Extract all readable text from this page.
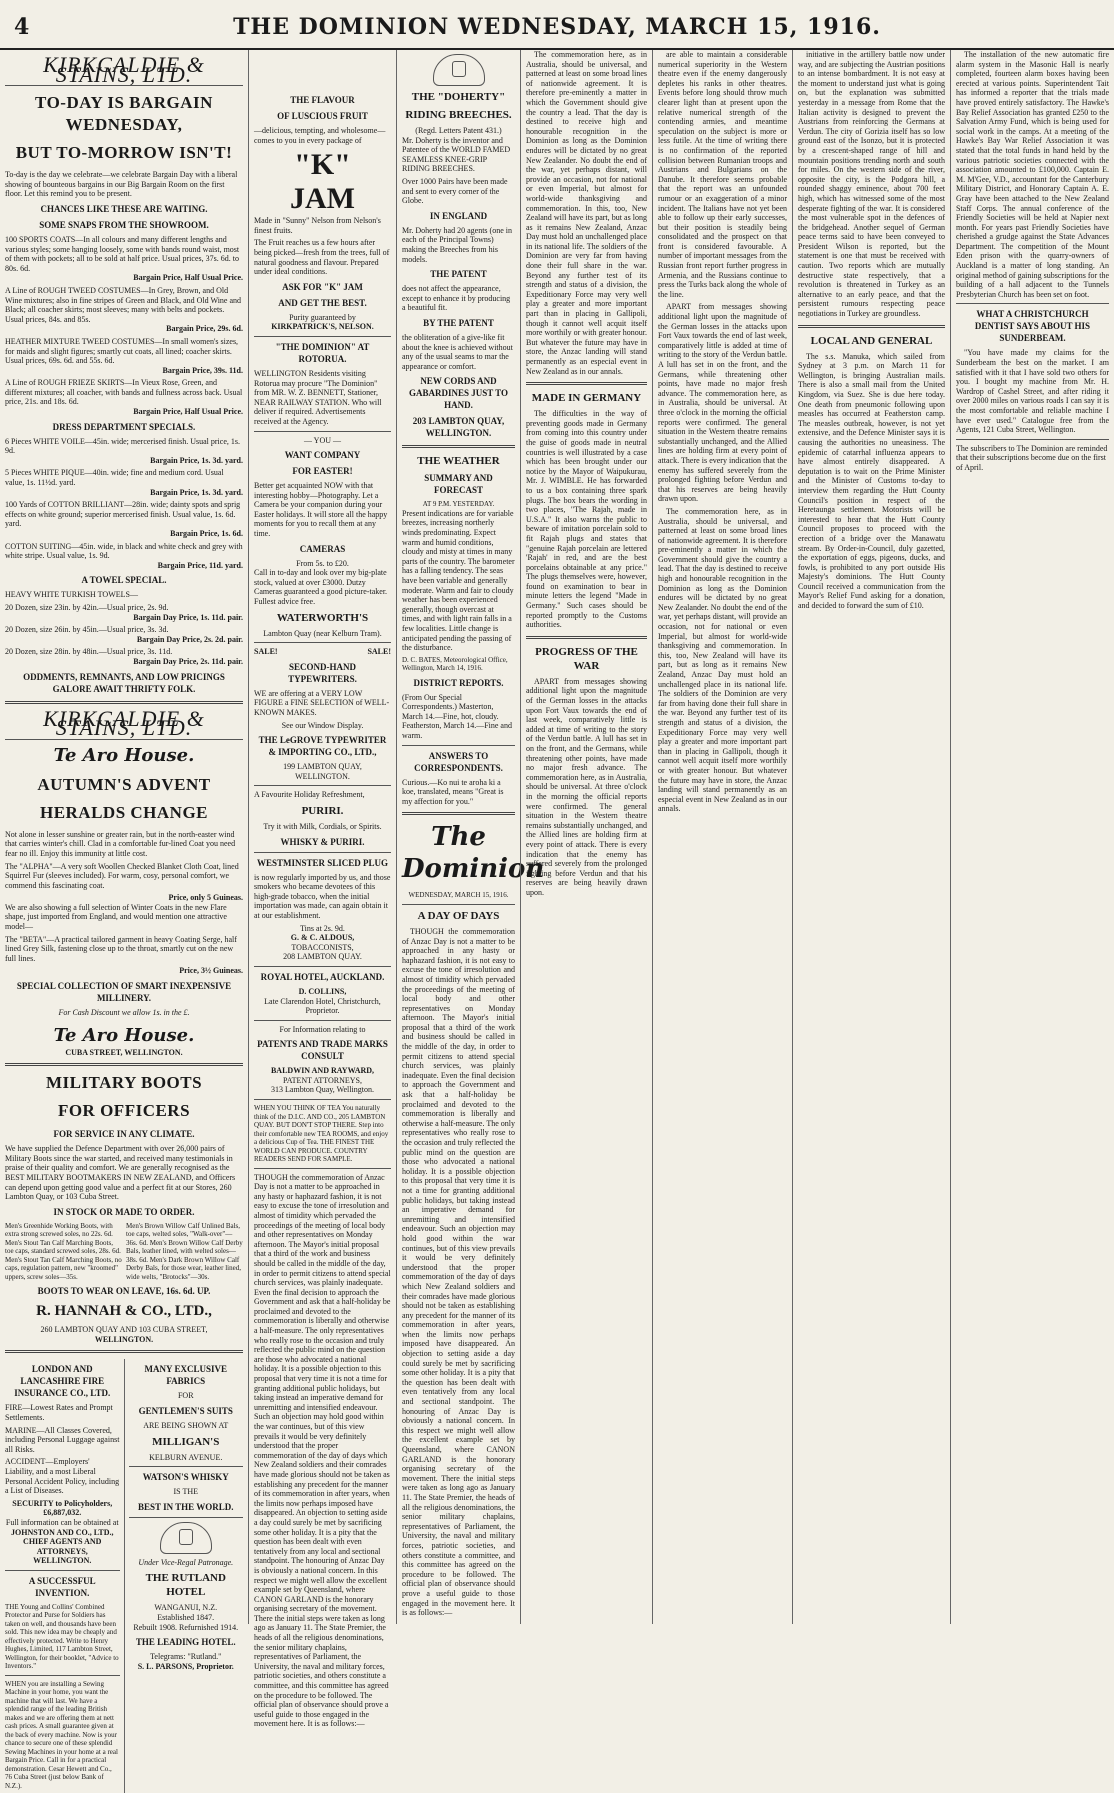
4	THE DOMINION WEDNESDAY, MARCH 15, 1916.
KIRKCALDIE & STAINS, LTD.
TO-DAY IS BARGAIN WEDNESDAY,
BUT TO-MORROW ISN'T!
To-day is the day we celebrate—we celebrate Bargain Day with a liberal showing of bounteous bargains in our Big Bargain Room on the first floor. Let this remind you to be present.
CHANCES LIKE THESE ARE WAITING.
SOME SNAPS FROM THE SHOWROOM.
100 SPORTS COATS—In all colours and many different lengths and various styles; some hanging loosely, some with bands round waist, most of them with pockets; all to be sold at half price. Usual prices, 37s. 6d. to 80s. 6d.
Bargain Price, Half Usual Price.
A Line of ROUGH TWEED COSTUMES—In Grey, Brown, and Old Wine mixtures; also in fine stripes of Green and Black, and Old Wine and Black; all coacher skirts; most sleeves; many with belts and pockets. Usual prices, 84s. and 85s.
Bargain Price, 29s. 6d.
HEATHER MIXTURE TWEED COSTUMES—In small women's sizes, for maids and slight figures; smartly cut coats, all lined; coacher skirts. Usual prices, 69s. 6d. and 55s. 6d.
Bargain Price, 39s. 11d.
A Line of ROUGH FRIEZE SKIRTS—In Vieux Rose, Green, and different mixtures; all coacher, with bands and fullness across back. Usual price, 21s. and 18s. 6d.
Bargain Price, Half Usual Price.
DRESS DEPARTMENT SPECIALS.
6 Pieces WHITE VOILE—45in. wide; mercerised finish. Usual price, 1s. 9d.
Bargain Price, 1s. 3d. yard.
5 Pieces WHITE PIQUE—40in. wide; fine and medium cord. Usual value, 1s. 11½d. yard.
Bargain Price, 1s. 3d. yard.
100 Yards of COTTON BRILLIANT—28in. wide; dainty spots and sprig effects on white ground; superior mercerised finish. Usual value, 1s. 6d. yard.
Bargain Price, 1s. 6d.
COTTON SUITING—45in. wide, in black and white check and grey with white stripe. Usual value, 1s. 9d.
Bargain Price, 11d. yard.
A TOWEL SPECIAL.
HEAVY WHITE TURKISH TOWELS—
20 Dozen, size 23in. by 42in.—Usual price, 2s. 9d.
Bargain Day Price, 1s. 11d. pair.
20 Dozen, size 26in. by 45in.—Usual price, 3s. 3d.
Bargain Day Price, 2s. 2d. pair.
20 Dozen, size 28in. by 48in.—Usual price, 3s. 11d.
Bargain Day Price, 2s. 11d. pair.
ODDMENTS, REMNANTS, AND LOW PRICINGS GALORE AWAIT THRIFTY FOLK.
KIRKCALDIE & STAINS, LTD.
Te Aro House.
AUTUMN'S ADVENT
HERALDS CHANGE
Not alone in lesser sunshine or greater rain, but in the north-easter wind that carries winter's chill. Clad in a comfortable fur-lined Coat you need fear no ill. Enjoy this immunity at little cost.
The "ALPHA"—A very soft Woollen Checked Blanket Cloth Coat, lined Squirrel Fur (sleeves included). For warm, cosy, personal comfort, we commend this fascinating coat.
Price, only 5 Guineas.
We are also showing a full selection of Winter Coats in the new Flare shape, just imported from England, and would mention one attractive model—
The "BETA"—A practical tailored garment in heavy Coating Serge, half lined Grey Silk, fastening close up to the throat, smartly cut on the new full lines.
Price, 3½ Guineas.
SPECIAL COLLECTION OF SMART INEXPENSIVE MILLINERY.
For Cash Discount we allow 1s. in the £.
Te Aro House.
CUBA STREET, WELLINGTON.
MILITARY BOOTS
FOR OFFICERS
FOR SERVICE IN ANY CLIMATE.
We have supplied the Defence Department with over 26,000 pairs of Military Boots since the war started, and received many testimonials in praise of their quality and comfort. We are generally recognised as the BEST MILITARY BOOTMAKERS IN NEW ZEALAND, and Officers can depend upon getting good value and a perfect fit at our Stores, 260 Lambton Quay, or 103 Cuba Street.
IN STOCK OR MADE TO ORDER.
Men's Greenhide Working Boots, with extra strong screwed soles, no 22s. 6d. Men's Stout Tan Calf Marching Boots, toe caps, standard screwed soles, 28s. 6d. Men's Stout Tan Calf Marching Boots, no caps, regulation pattern, new "kroomed" uppers, screw soles—35s.
Men's Brown Willow Calf Unlined Bals, toe caps, welted soles, "Walk-over"—36s. 6d. Men's Brown Willow Calf Derby Bals, leather lined, with welted soles—38s. 6d. Men's Dark Brown Willow Calf Derby Bals, for those wear, leather lined, wide welts, "Brotocks"—30s.
BOOTS TO WEAR ON LEAVE, 16s. 6d. UP.
R. HANNAH & CO., LTD.,
260 LAMBTON QUAY AND 103 CUBA STREET,
WELLINGTON.
LONDON AND LANCASHIRE FIRE INSURANCE CO., LTD.
FIRE—Lowest Rates and Prompt Settlements.
MARINE—All Classes Covered, including Personal Luggage against all Risks.
ACCIDENT—Employers' Liability, and a most Liberal Personal Accident Policy, including a List of Diseases.
SECURITY to Policyholders, £6,887,032.
Full information can be obtained at
JOHNSTON AND CO., LTD.,
CHIEF AGENTS AND ATTORNEYS,
WELLINGTON.
A SUCCESSFUL INVENTION.
THE Young and Collins' Combined Protector and Purse for Soldiers has taken on well, and thousands have been sold. This new idea may be cheaply and effectively protected. Write to Henry Hughes, Limited, 117 Lambton Street, Wellington, for their booklet, "Advice to Inventors."
WHEN you are installing a Sewing Machine in your home, you want the machine that will last. We have a splendid range of the leading British makes and we are offering them at nett cash prices. A small guarantee given at the back of every machine. Now is your chance to secure one of these splendid Sewing Machines in your home at a real Bargain Price. Call in for a practical demonstration. Cesar Hewett and Co., 76 Cuba Street (just below Bank of N.Z.).
MANY EXCLUSIVE FABRICS
FOR
GENTLEMEN'S SUITS
ARE BEING SHOWN AT
MILLIGAN'S
KELBURN AVENUE.
WATSON'S WHISKY
IS THE
BEST IN THE WORLD.
Under Vice-Regal Patronage.
THE RUTLAND HOTEL
WANGANUI, N.Z.
Established 1847.
Rebuilt 1908. Refurnished 1914.
THE LEADING HOTEL.
Telegrams: "Rutland."
S. L. PARSONS, Proprietor.
THE FLAVOUR
OF LUSCIOUS FRUIT
—delicious, tempting, and wholesome—comes to you in every package of
"K"
JAM
Made in "Sunny" Nelson from Nelson's finest fruits.
The Fruit reaches us a few hours after being picked—fresh from the trees, full of natural goodness and flavour. Prepared under ideal conditions.
ASK FOR "K" JAM
AND GET THE BEST.
Purity guaranteed by
KIRKPATRICK'S, NELSON.
"THE DOMINION" AT ROTORUA.
WELLINGTON Residents visiting Rotorua may procure "The Dominion" from MR. W. Z. BENNETT, Stationer, NEAR RAILWAY STATION. Who will deliver if required. Advertisements received at the Agency.
— YOU —
WANT COMPANY
FOR EASTER!
Better get acquainted NOW with that interesting hobby—Photography. Let a Camera be your companion during your Easter holidays. It will store all the happy moments for you to recall them at any time.
CAMERAS
From 5s. to £20.
Call in to-day and look over my big-plate stock, valued at over £3000. Dutzy Cameras guaranteed a good picture-taker. Fullest advice free.
WATERWORTH'S
Lambton Quay (near Kelburn Tram).
SALE!	SALE!
SECOND-HAND TYPEWRITERS.
WE are offering at a VERY LOW FIGURE a FINE SELECTION of WELL-KNOWN MAKES.
See our Window Display.
THE LeGROVE TYPEWRITER & IMPORTING CO., LTD.,
199 LAMBTON QUAY,
WELLINGTON.
A Favourite Holiday Refreshment,
PURIRI.
Try it with Milk, Cordials, or Spirits.
WHISKY & PURIRI.
WESTMINSTER SLICED PLUG
is now regularly imported by us, and those smokers who became devotees of this high-grade tobacco, when the initial importation was made, can again obtain it at our establishment.
Tins at 2s. 9d.
G. & C. ALDOUS,
TOBACCONISTS,
208 LAMBTON QUAY.
ROYAL HOTEL, AUCKLAND.
D. COLLINS,
Late Clarendon Hotel, Christchurch, Proprietor.
For Information relating to
PATENTS AND TRADE MARKS CONSULT
BALDWIN AND RAYWARD,
PATENT ATTORNEYS,
313 Lambton Quay, Wellington.
WHEN YOU THINK OF TEA You naturally think of the D.I.C. AND CO., 205 LAMBTON QUAY. BUT DON'T STOP THERE. Step into their comfortable new TEA ROOMS, and enjoy a delicious Cup of Tea. THE FINEST THE WORLD CAN PRODUCE. COUNTRY READERS SEND FOR SAMPLE.
THOUGH the commemoration of Anzac Day is not a matter to be approached in any hasty or haphazard fashion, it is not easy to excuse the tone of irresolution and almost of timidity which pervaded the proceedings of the meeting of local body and other representatives on Monday afternoon. The Mayor's initial proposal that a third of the work and business should be called in the middle of the day, in order to permit citizens to attend special church services, was plainly inadequate. Even the final decision to approach the Government and ask that a half-holiday be proclaimed and devoted to the commemoration is liberally and otherwise a half-measure. The only representatives who really rose to the occasion and truly reflected the public mind on the question are those who advocated a national holiday. It is a possible objection to this proposal that very time it is not a time for granting additional public holidays, but taking instead an imperative demand for unremitting and intensified endeavour. Such an objection may hold good within the war continues, but of this view prevails it would be very definitely understood that the proper commemoration of the day of days which New Zealand soldiers and their comrades have made glorious should not be taken as establishing any precedent for the manner of its commemoration in after years, when the limits now perhaps imposed have disappeared. An objection to setting aside a day could surely be met by sacrificing some other holiday. It is a pity that the question has been dealt with even tentatively from any local and sectional standpoint. The honouring of Anzac Day is obviously a national concern. In this respect we might well allow the excellent example set by Queensland, where CANON GARLAND is the honorary organising secretary of the movement. There the initial steps were taken as long ago as January 11. The State Premier, the heads of all the religious denominations, the senior military chaplains, representatives of Parliament, the University, the naval and military forces, patriotic societies, and others constitute a committee, and this committee has agreed on the procedure to be followed. The official plan of observance should prove a useful guide to those engaged in the movement here. It is as follows:—
THE "DOHERTY"
RIDING BREECHES.
(Regd. Letters Patent 431.)
Mr. Doherty is the inventor and Patentee of the WORLD FAMED SEAMLESS KNEE-GRIP RIDING BREECHES.
Over 1000 Pairs have been made and sent to every corner of the Globe.
IN ENGLAND
Mr. Doherty had 20 agents (one in each of the Principal Towns) making the Breeches from his models.
THE PATENT
does not affect the appearance, except to enhance it by producing a beautiful fit.
BY THE PATENT
the obliteration of a give-like fit about the knee is achieved without any of the usual seams to mar the appearance or comfort.
NEW CORDS AND GABARDINES JUST TO HAND.
203 LAMBTON QUAY, WELLINGTON.
THE WEATHER
SUMMARY AND FORECAST
AT 9 P.M. YESTERDAY.
Present indications are for variable breezes, increasing northerly winds predominating. Expect warm and humid conditions, cloudy and misty at times in many parts of the country. The barometer has a falling tendency. The seas have been variable and generally moderate. Warm and fair to cloudy weather has been experienced generally, though overcast at times, and with light rain falls in a few localities. Little change is anticipated pending the passing of the disturbance.
D. C. BATES, Meteorological Office, Wellington, March 14, 1916.
DISTRICT REPORTS.
(From Our Special Correspondents.) Masterton, March 14.—Fine, hot, cloudy. Featherston, March 14.—Fine and warm.
ANSWERS TO CORRESPONDENTS.
Curious.—Ko nui te aroha ki a koe, translated, means "Great is my affection for you."
The Dominion
WEDNESDAY, MARCH 15, 1916.
A DAY OF DAYS

THOUGH the commemoration of Anzac Day is not a matter to be approached in any hasty or haphazard fashion, it is not easy to excuse the tone of irresolution and almost of timidity which pervaded the proceedings of the meeting of local body and other representatives on Monday afternoon. The Mayor's initial proposal that a third of the work and business should be called in the middle of the day, in order to permit citizens to attend special church services, was plainly inadequate. Even the final decision to approach the Government and ask that a half-holiday be proclaimed and devoted to the commemoration is liberally and otherwise a half-measure. The only representatives who really rose to the occasion and truly reflected the public mind on the question are those who advocated a national holiday. It is a possible objection to this proposal that very time it is not a time for granting additional public holidays, but taking instead an imperative demand for unremitting and intensified endeavour. Such an objection may hold good within the war continues, but of this view prevails it would be very definitely understood that the proper commemoration of the day of days which New Zealand soldiers and their comrades have made glorious should not be taken as establishing any precedent for the manner of its commemoration in after years, when the limits now perhaps imposed have disappeared. An objection to setting aside a day could surely be met by sacrificing some other holiday. It is a pity that the question has been dealt with even tentatively from any local and sectional standpoint. The honouring of Anzac Day is obviously a national concern. In this respect we might well allow the excellent example set by Queensland, where CANON GARLAND is the honorary organising secretary of the movement. There the initial steps were taken as long ago as January 11. The State Premier, the heads of all the religious denominations, the senior military chaplains, representatives of Parliament, the University, the naval and military forces, patriotic societies, and others constitute a committee, and this committee has agreed on the procedure to be followed. The official plan of observance should prove a useful guide to those engaged in the movement here. It is as follows:—

The commemoration here, as in Australia, should be universal, and patterned at least on some broad lines of nationwide agreement. It is therefore pre-eminently a matter in which the Government should give the country a lead. That the day is destined to receive high and honourable recognition in the Dominion as long as the Dominion endures will be dictated by no great New Zealander. No doubt the end of the war, yet perhaps distant, will provide an occasion, not for national or even Imperial, but almost for world-wide thanksgiving and commemoration. In this, too, New Zealand will have its part, but as long as it remains New Zealand, Anzac Day must hold an unchallenged place in its national life. The soldiers of the Dominion are very far from having done their full share in the war. Beyond any further test of its strength and status of a division, the Expeditionary Force may very well play a greater and more important part than in placing in Gallipoli, though it cannot well acquit itself more worthily or with greater honour. But whatever the future may have in store, the Anzac landing will stand permanently as an especial event in New Zealand as in our annals.

MADE IN GERMANY

The difficulties in the way of preventing goods made in Germany from coming into this country under the guise of goods made in neutral countries is well illustrated by a case which has been brought under our notice by the Mayor of Waipukurau, Mr. J. WIMBLE. He has forwarded to us a box containing three spark plugs. The box bears the wording in two places, "The Rajah, made in U.S.A." It also warns the public to beware of imitation porcelain sold to fit Rajah plugs and states that "genuine Rajah porcelain are lettered 'Rajah' in red, and are the best porcelains obtainable at any price." The plugs themselves were, however, found on examination to bear in minute letters the legend "Made in Germany." Such cases should be reported promptly to the Customs authorities.

PROGRESS OF THE WAR

APART from messages showing additional light upon the magnitude of the German losses in the attacks upon Fort Vaux towards the end of last week, comparatively little is added at time of writing to the story of the Verdun battle. A lull has set in on the front, and the Germans, while threatening other points, have made no major fresh advance. The commemoration here, as in Australia, should be universal. At three o'clock in the morning the official reports were confirmed. The general situation in the Western theatre remains substantially unchanged, and the Allied lines are holding firm at every point of attack. There is every indication that the enemy has suffered severely from the prolonged fighting before Verdun and that his reserves are being heavily drawn upon.

are able to maintain a considerable numerical superiority in the Western theatre even if the enemy dangerously depletes his ranks in other theatres. Events before long should throw much clearer light than at present upon the relative numerical strength of the contending armies, and meantime speculation on the subject is more or less futile. At the time of writing there is no confirmation of the reported collision between Rumanian troops and Austrians and Bulgarians on the Danube. It therefore seems probable that the report was an unfounded rumour or an exaggeration of a minor incident. The Italians have not yet been able to follow up their early successes, but their position is steadily being consolidated and the prospect on that front is considered favourable. A number of important messages from the Russian front report further progress in Armenia, and the Russians continue to press the Turks back along the whole of the line.

APART from messages showing additional light upon the magnitude of the German losses in the attacks upon Fort Vaux towards the end of last week, comparatively little is added at time of writing to the story of the Verdun battle. A lull has set in on the front, and the Germans, while threatening other points, have made no major fresh advance. The commemoration here, as in Australia, should be universal. At three o'clock in the morning the official reports were confirmed. The general situation in the Western theatre remains substantially unchanged, and the Allied lines are holding firm at every point of attack. There is every indication that the enemy has suffered severely from the prolonged fighting before Verdun and that his reserves are being heavily drawn upon.

The commemoration here, as in Australia, should be universal, and patterned at least on some broad lines of nationwide agreement. It is therefore pre-eminently a matter in which the Government should give the country a lead. That the day is destined to receive high and honourable recognition in the Dominion as long as the Dominion endures will be dictated by no great New Zealander. No doubt the end of the war, yet perhaps distant, will provide an occasion, not for national or even Imperial, but almost for world-wide thanksgiving and commemoration. In this, too, New Zealand will have its part, but as long as it remains New Zealand, Anzac Day must hold an unchallenged place in its national life. The soldiers of the Dominion are very far from having done their full share in the war. Beyond any further test of its strength and status of a division, the Expeditionary Force may very well play a greater and more important part than in placing in Gallipoli, though it cannot well acquit itself more worthily or with greater honour. But whatever the future may have in store, the Anzac landing will stand permanently as an especial event in New Zealand as in our annals.

initiative in the artillery battle now under way, and are subjecting the Austrian positions to an intense bombardment. It is not easy at the moment to understand just what is going on, but the explanation was submitted yesterday in a message from Rome that the Italian activity is designed to prevent the Austrians from reinforcing the Germans at Verdun. The city of Gorizia itself has so low ground east of the Isonzo, but it is protected by a crescent-shaped range of hill and mountain positions trending north and south for miles. On the western side of the river, opposite the city, is the Podgora hill, a rounded shaggy eminence, about 700 feet high, which has witnessed some of the most desperate fighting of the war. It is considered the most vulnerable spot in the defences of the bridgehead. Another sequel of German peace terms said to have been conveyed to President Wilson is reported, but the statement is one that must be received with caution. Two reports which are mutually destructive state respectively, that a revolution is threatened in Turkey as an alternative to an early peace, and that the persistent rumours respecting peace negotiations in Turkey are groundless.

LOCAL AND GENERAL

The s.s. Manuka, which sailed from Sydney at 3 p.m. on March 11 for Wellington, is bringing Australian mails. There is also a small mail from the United Kingdom, via Suez. She is due here today. One death from pneumonic following upon measles has occurred at Featherston camp. The measles outbreak, however, is not yet extensive, and the Defence Minister says it is causing the authorities no uneasiness. The epidemic of catarrhal influenza appears to have almost entirely disappeared. A deputation is to wait on the Prime Minister and the Minister of Customs to-day to interview them regarding the Hutt County Council's position in respect of the Heretaunga settlement. Motorists will be interested to hear that the Hutt County Council proposes to proceed with the erection of a bridge over the Manawatu stream. By Order-in-Council, duly gazetted, the exportation of eggs, pigeons, ducks, and fowls, is prohibited to any port outside His Majesty's dominions. The Hutt County Council received a communication from the Mayor's Relief Fund asking for a donation, and decided to forward the sum of £10.

The installation of the new automatic fire alarm system in the Masonic Hall is nearly completed, fourteen alarm boxes having been erected at various points. Superintendent Tait has informed a reporter that the trials made have proved entirely satisfactory. The Hawke's Bay Relief Association has granted £250 to the Salvation Army Fund, which is being used for social work in the camps. At a meeting of the Hawke's Bay War Relief Association it was stated that the total funds in hand held by the various patriotic societies connected with the association amounted to £100,000. Captain E. M. M'Gee, V.D., accountant for the Canterbury Military District, and Honorary Captain A. E. Gray have been attached to the New Zealand Staff Corps. The annual conference of the Friendly Societies will be held at Napier next month. For years past Friendly Societies have cherished a grudge against the State Advances Department. The competition of the Mount Eden prison with the quarry-owners of Auckland is a matter of long standing. An original method of gaining subscriptions for the building of a hall adjacent to the Tunnels Presbyterian Church has been set on foot.

WHAT A CHRISTCHURCH DENTIST SAYS ABOUT HIS SUNDERBEAM.

"You have made my claims for the Sunderbeam the best on the market. I am satisfied with it that I have sold two others for you. I bought my machine from Mr. H. Wardrop of Cashel Street, and after riding it over 2000 miles on various roads I can say it is the most comfortable and reliable machine I have ever used." Catalogue free from the Agents, 121 Cuba Street, Wellington.

The subscribers to The Dominion are reminded that their subscriptions become due on the first of April.
